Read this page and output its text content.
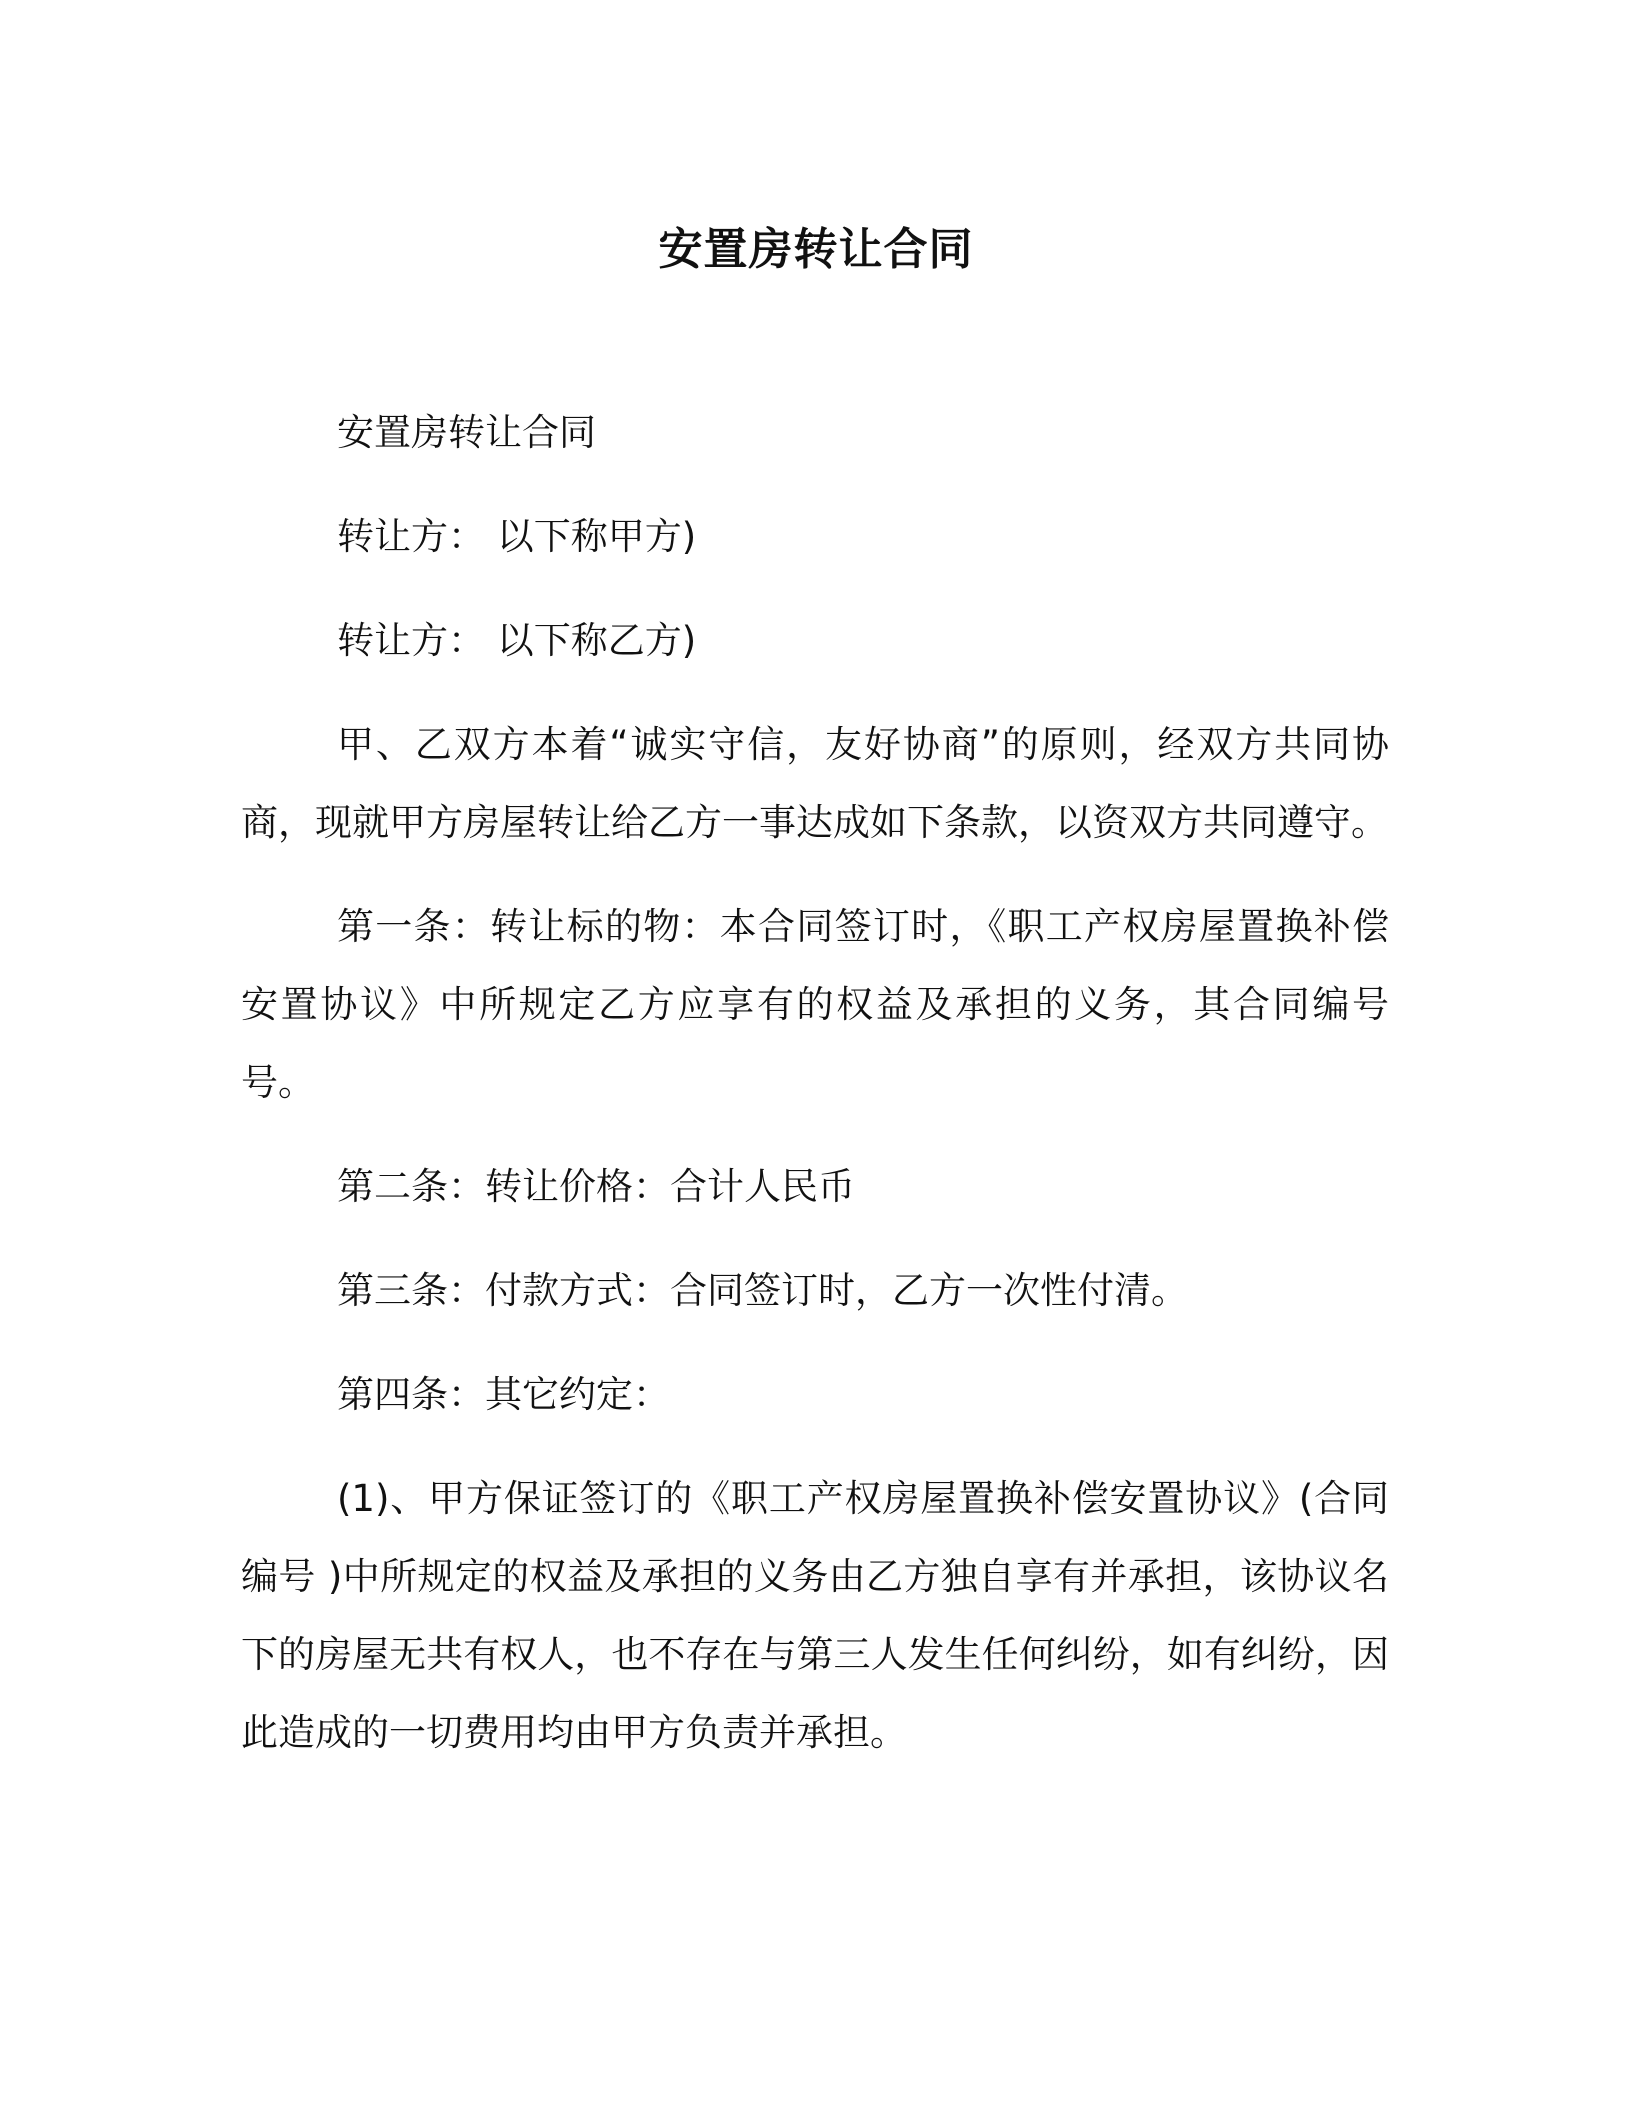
安置房转让合同

安置房转让合同

转让方： 以下称甲方)

转让方： 以下称乙方)

甲、乙双方本着“诚实守信，友好协商”的原则，经双方共同协商，现就甲方房屋转让给乙方一事达成如下条款，以资双方共同遵守。

第一条：转让标的物：本合同签订时，《职工产权房屋置换补偿安置协议》中所规定乙方应享有的权益及承担的义务，其合同编号 号。

第二条：转让价格：合计人民币

第三条：付款方式：合同签订时，乙方一次性付清。

第四条：其它约定：

(1)、甲方保证签订的《职工产权房屋置换补偿安置协议》(合同编号 )中所规定的权益及承担的义务由乙方独自享有并承担，该协议名下的房屋无共有权人，也不存在与第三人发生任何纠纷，如有纠纷，因此造成的一切费用均由甲方负责并承担。
